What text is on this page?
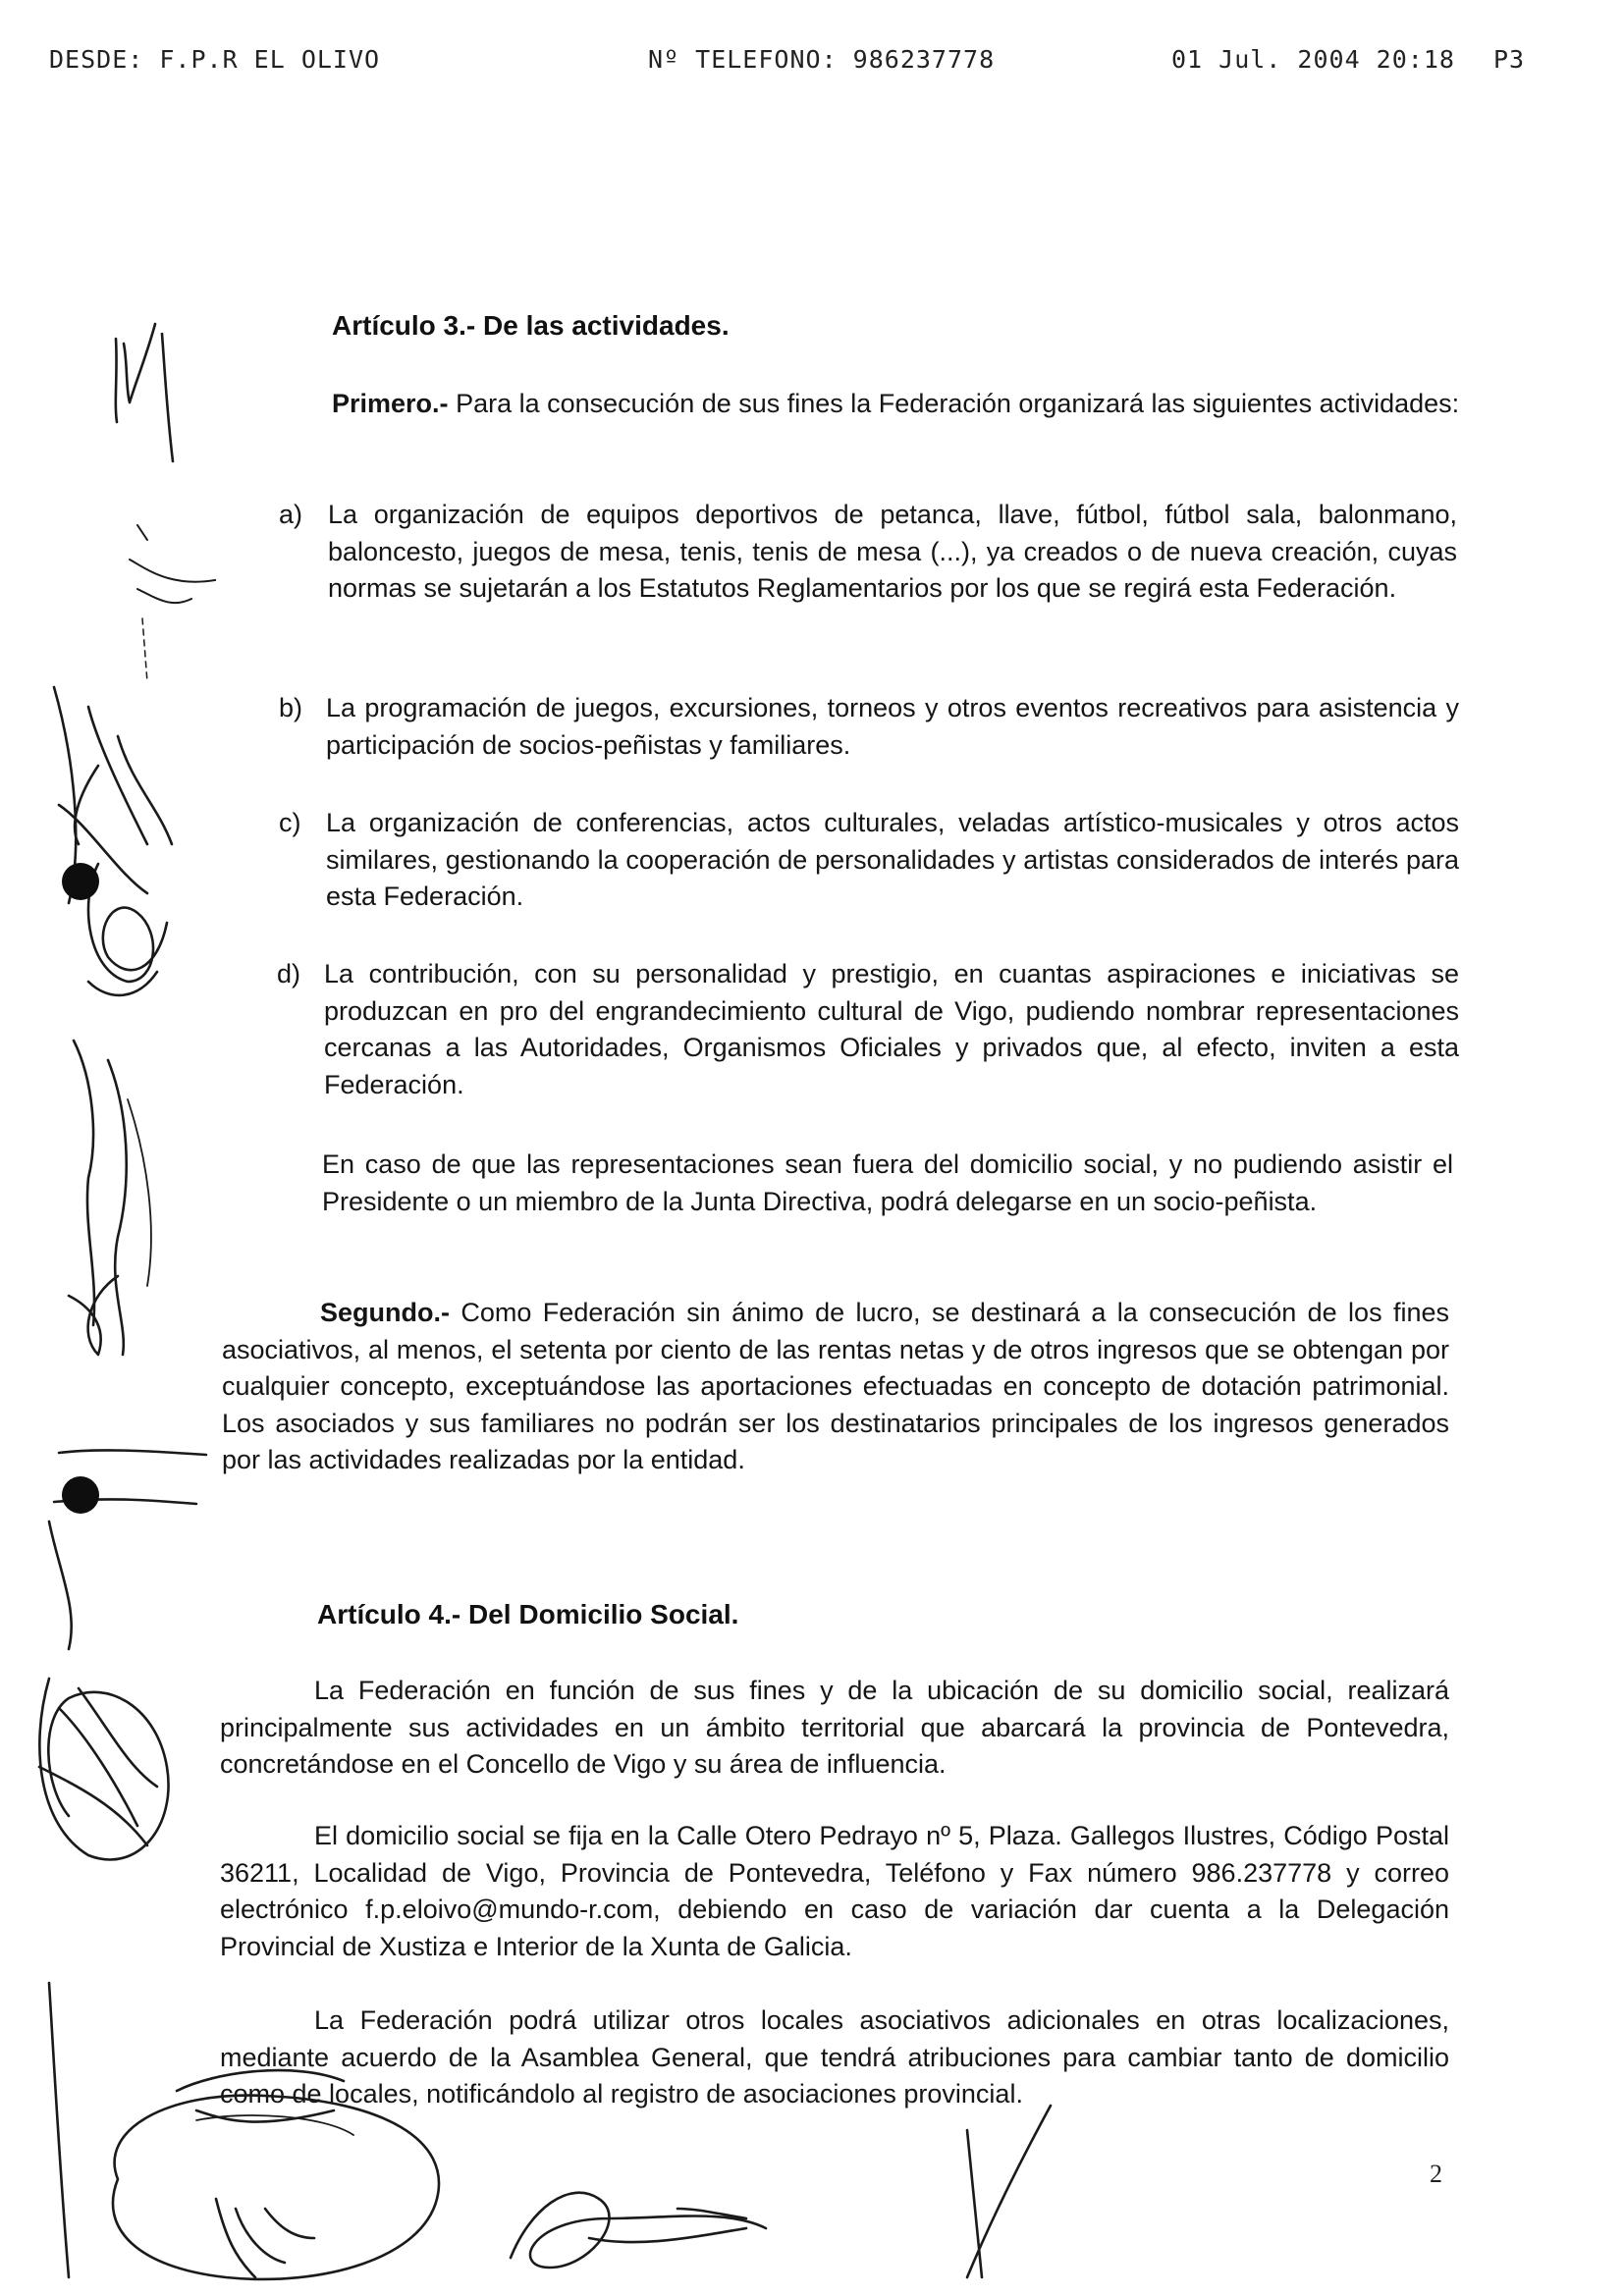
DESDE: F.P.R EL OLIVO	Nº TELEFONO: 986237778	01 Jul. 2004 20:18 P3
Artículo 3.- De las actividades.
Primero.- Para la consecución de sus fines la Federación organizará las siguientes actividades:
a) La organización de equipos deportivos de petanca, llave, fútbol, fútbol sala, balonmano, baloncesto, juegos de mesa, tenis, tenis de mesa (...), ya creados o de nueva creación, cuyas normas se sujetarán a los Estatutos Reglamentarios por los que se regirá esta Federación.
b) La programación de juegos, excursiones, torneos y otros eventos recreativos para asistencia y participación de socios-peñistas y familiares.
c) La organización de conferencias, actos culturales, veladas artístico-musicales y otros actos similares, gestionando la cooperación de personalidades y artistas considerados de interés para esta Federación.
d) La contribución, con su personalidad y prestigio, en cuantas aspiraciones e iniciativas se produzcan en pro del engrandecimiento cultural de Vigo, pudiendo nombrar representaciones cercanas a las Autoridades, Organismos Oficiales y privados que, al efecto, inviten a esta Federación.
En caso de que las representaciones sean fuera del domicilio social, y no pudiendo asistir el Presidente o un miembro de la Junta Directiva, podrá delegarse en un socio-peñista.
Segundo.- Como Federación sin ánimo de lucro, se destinará a la consecución de los fines asociativos, al menos, el setenta por ciento de las rentas netas y de otros ingresos que se obtengan por cualquier concepto, exceptuándose las aportaciones efectuadas en concepto de dotación patrimonial. Los asociados y sus familiares no podrán ser los destinatarios principales de los ingresos generados por las actividades realizadas por la entidad.
Artículo 4.- Del Domicilio Social.
La Federación en función de sus fines y de la ubicación de su domicilio social, realizará principalmente sus actividades en un ámbito territorial que abarcará la provincia de Pontevedra, concretándose en el Concello de Vigo y su área de influencia.
El domicilio social se fija en la Calle Otero Pedrayo nº 5, Plaza. Gallegos Ilustres, Código Postal 36211, Localidad de Vigo, Provincia de Pontevedra, Teléfono y Fax número 986.237778 y correo electrónico f.p.eloivo@mundo-r.com, debiendo en caso de variación dar cuenta a la Delegación Provincial de Xustiza e Interior de la Xunta de Galicia.
La Federación podrá utilizar otros locales asociativos adicionales en otras localizaciones, mediante acuerdo de la Asamblea General, que tendrá atribuciones para cambiar tanto de domicilio como de locales, notificándolo al registro de asociaciones provincial.
2
